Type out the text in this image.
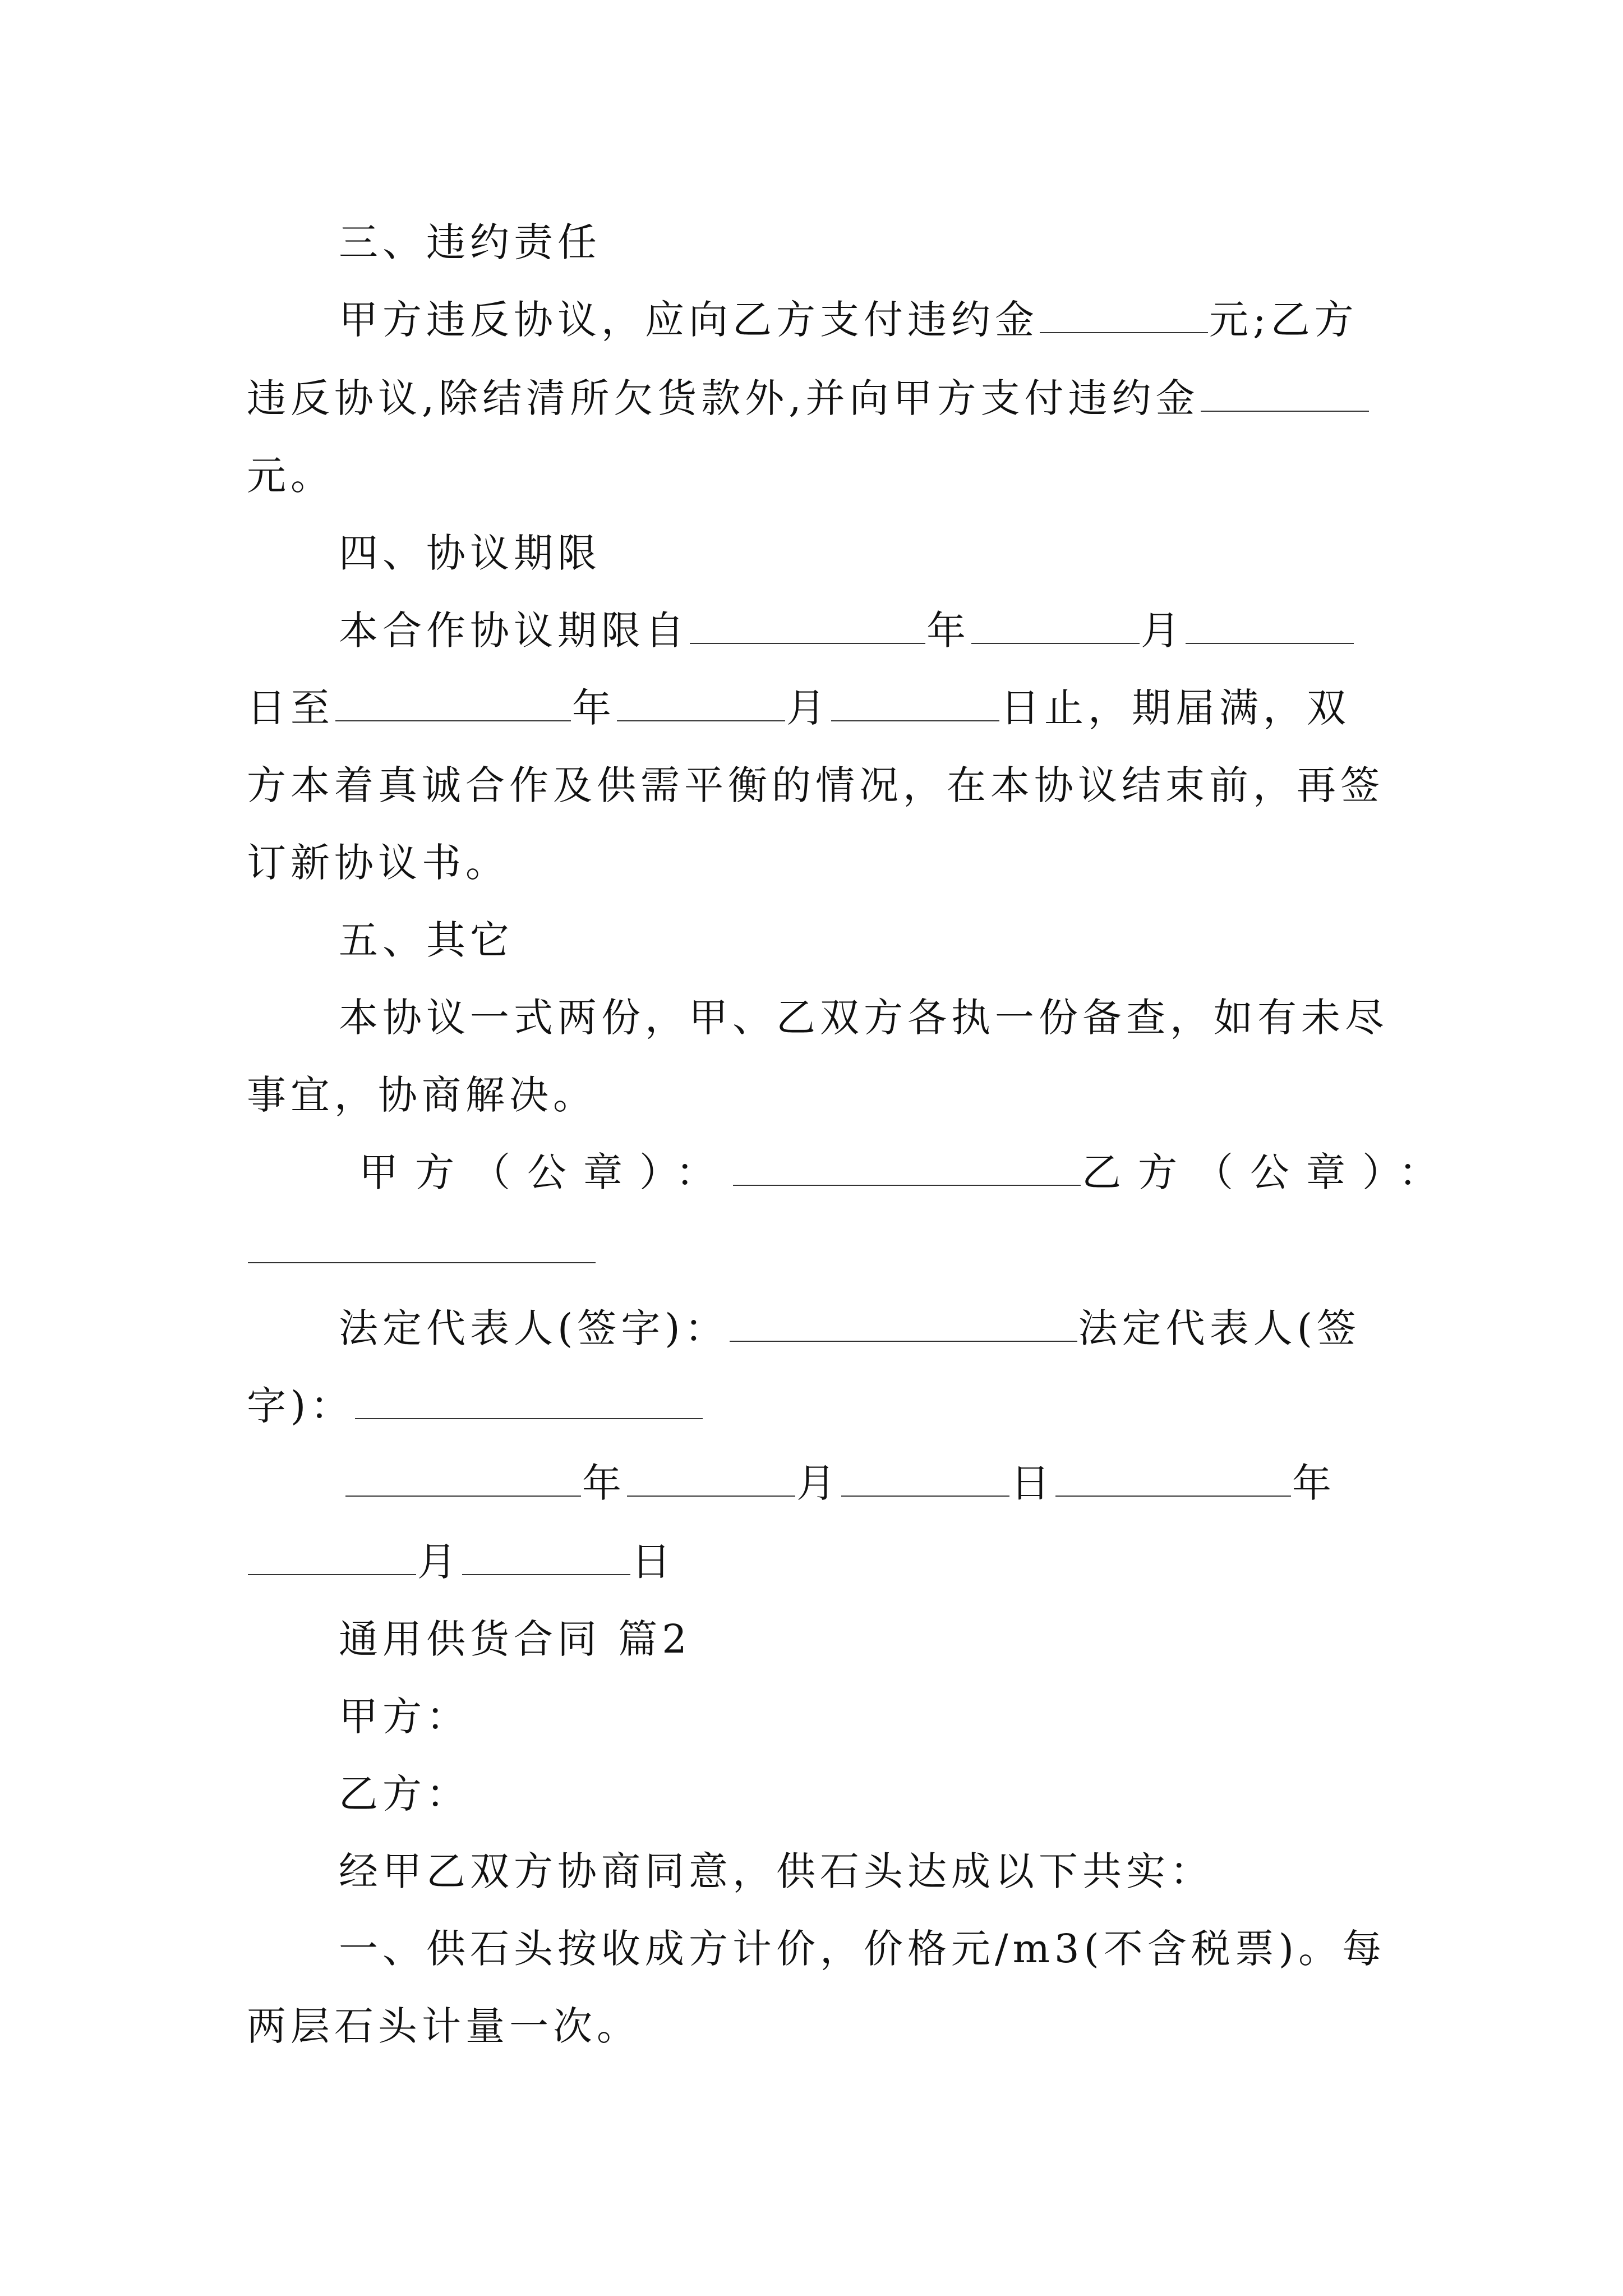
三、违约责任
甲方违反协议，应向乙方支付违约金	元;乙方
违反协议,除结清所欠货款外,并向甲方支付违约金
元。
四、协议期限
本合作协议期限自	年	月
日至	年	月	日止，期届满，双
方本着真诚合作及供需平衡的情况，在本协议结束前，再签
订新协议书。
五、其它
本协议一式两份，甲、乙双方各执一份备查，如有未尽
事宜，协商解决。
甲方（公章）：	乙方（公章）：
法定代表人(签字)：	法定代表人(签
字)：
年	月	日	年
月	日
通用供货合同 篇2
甲方：
乙方：
经甲乙双方协商同意，供石头达成以下共实：
一、供石头按收成方计价，价格元/m3(不含税票)。每
两层石头计量一次。
